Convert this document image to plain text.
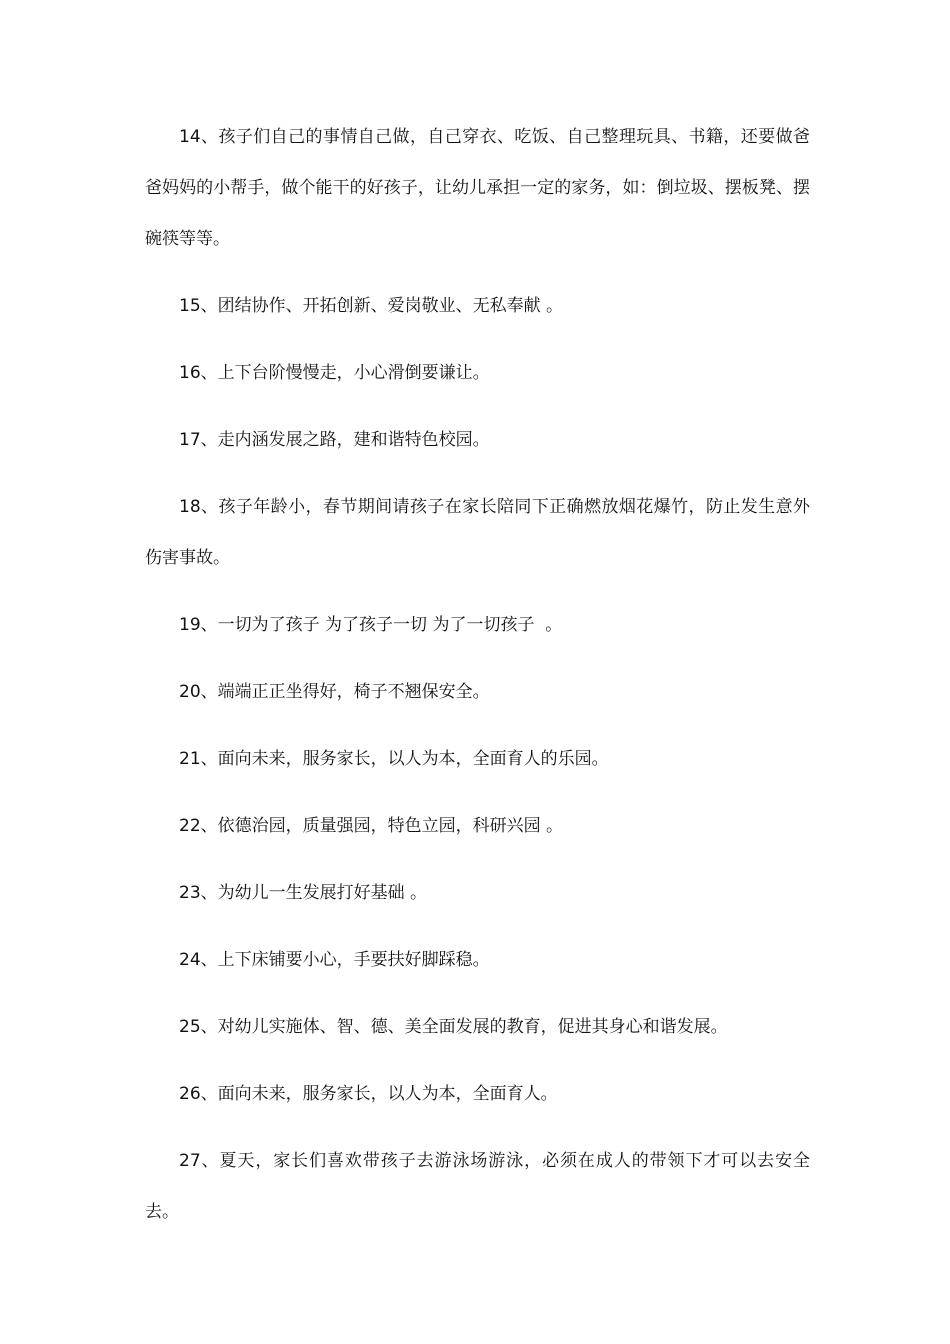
14、孩子们自己的事情自己做，自己穿衣、吃饭、自己整理玩具、书籍，还要做爸爸妈妈的小帮手，做个能干的好孩子，让幼儿承担一定的家务，如：倒垃圾、摆板凳、摆碗筷等等。

15、团结协作、开拓创新、爱岗敬业、无私奉献 。

16、上下台阶慢慢走，小心滑倒要谦让。

17、走内涵发展之路，建和谐特色校园。

18、孩子年龄小，春节期间请孩子在家长陪同下正确燃放烟花爆竹，防止发生意外伤害事故。

19、一切为了孩子 为了孩子一切 为了一切孩子  。

20、端端正正坐得好，椅子不翘保安全。

21、面向未来，服务家长，以人为本，全面育人的乐园。

22、依德治园，质量强园，特色立园，科研兴园 。

23、为幼儿一生发展打好基础 。

24、上下床铺要小心，手要扶好脚踩稳。

25、对幼儿实施体、智、德、美全面发展的教育，促进其身心和谐发展。

26、面向未来，服务家长，以人为本，全面育人。

27、夏天，家长们喜欢带孩子去游泳场游泳，必须在成人的带领下才可以去安全去。
